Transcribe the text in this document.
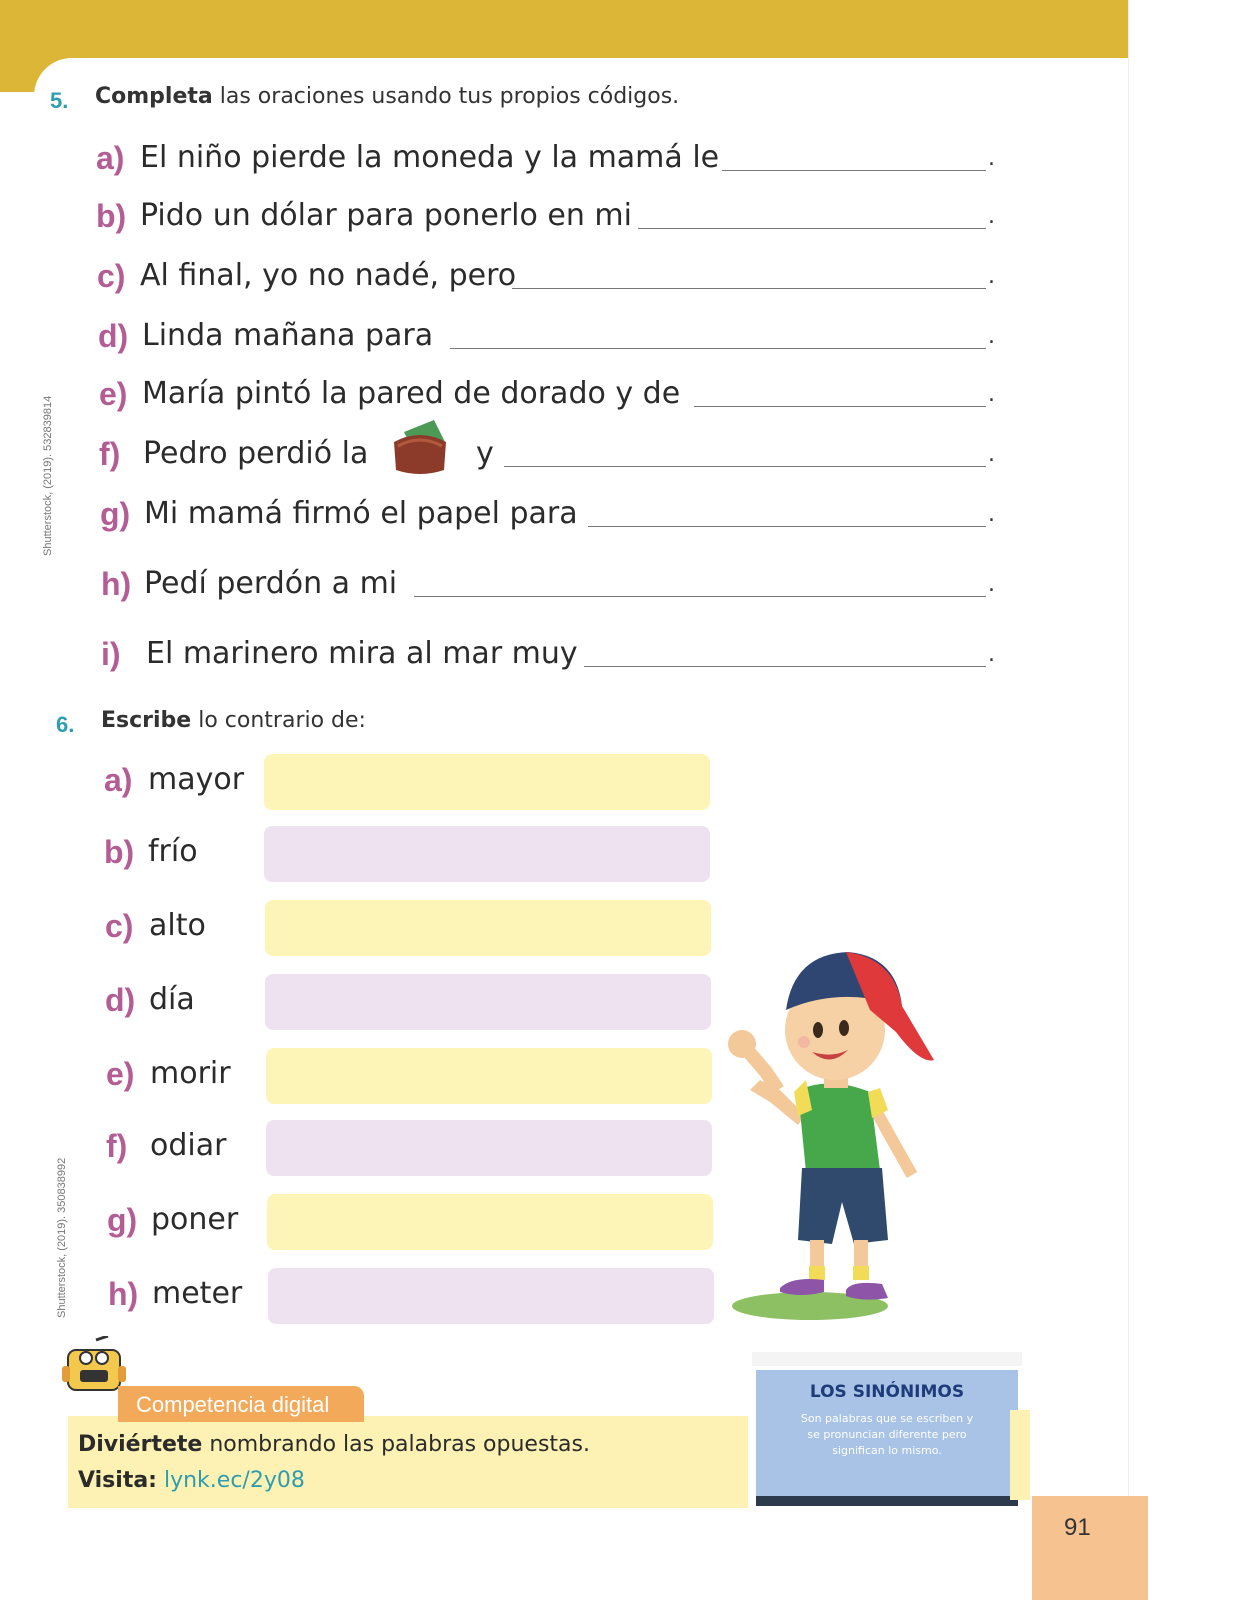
Shutterstock, (2019). 532839814
Shutterstock, (2019). 350838992
5. Completa las oraciones usando tus propios códigos.
a) El niño pierde la moneda y la mamá le	.
b) Pido un dólar para ponerlo en mi	.
c) Al final, yo no nadé, pero	.
d) Linda mañana para	.
e) María pintó la pared de dorado y de	.
f) Pedro perdió la	y	.
g) Mi mamá firmó el papel para	.
h) Pedí perdón a mi	.
i) El marinero mira al mar muy	.
6. Escribe lo contrario de:
a) mayor
b) frío
c) alto
d) día
e) morir
f) odiar
g) poner
h) meter
Diviértete nombrando las palabras opuestas.
Visita: lynk.ec/2y08
Competencia digital	LOS SINÓNIMOS
Son palabras que se escriben y
se pronuncian diferente pero
significan lo mismo.
91
